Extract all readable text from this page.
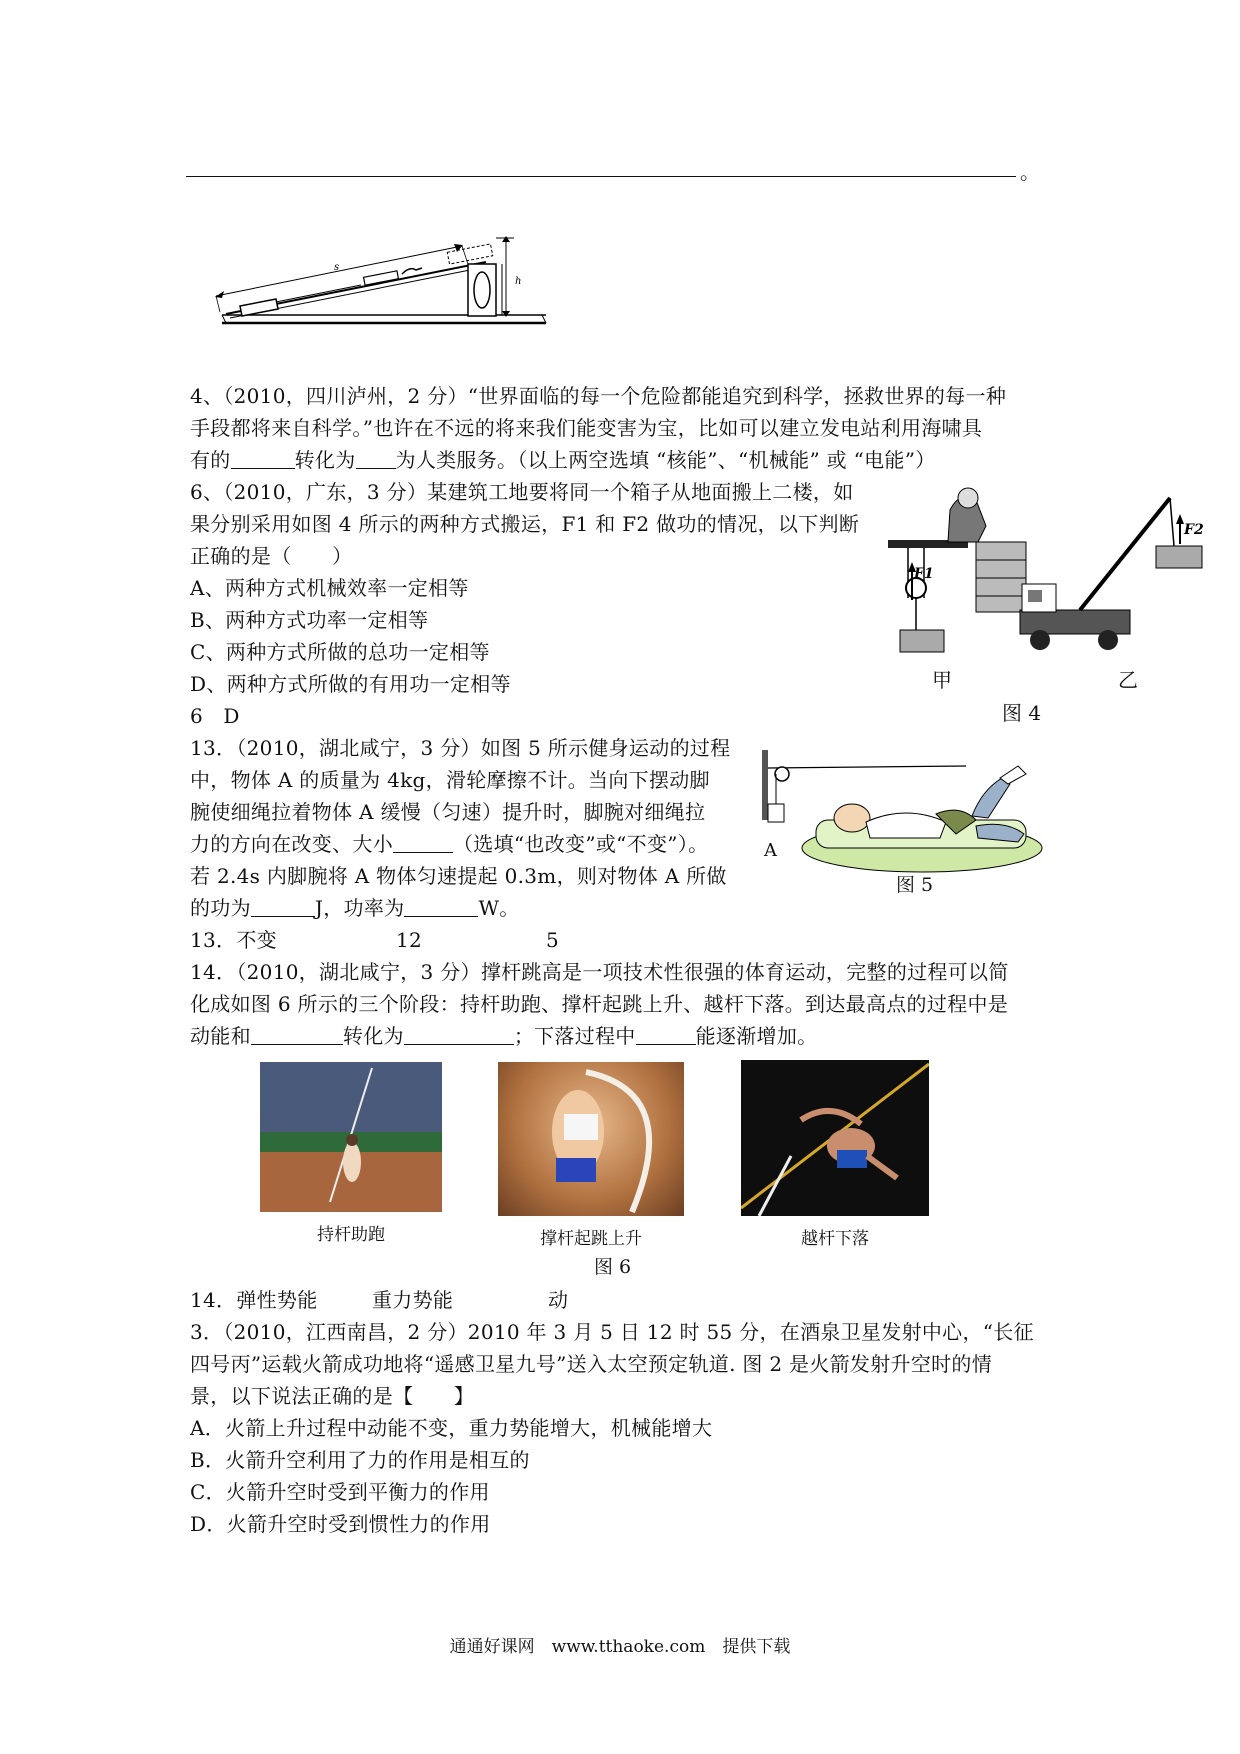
。
s
h
4、（2010，四川泸州，2 分）“世界面临的每一个危险都能追究到科学，拯救世界的每一种
手段都将来自科学。”也许在不远的将来我们能变害为宝，比如可以建立发电站利用海啸具
有的	转化为 为人类服务。（以上两空选填 “核能”、“机械能” 或 “电能”）
6、（2010，广东，3 分）某建筑工地要将同一个箱子从地面搬上二楼，如
果分别采用如图 4 所示的两种方式搬运，F1 和 F2 做功的情况，以下判断
正确的是（　　）
A、两种方式机械效率一定相等
B、两种方式功率一定相等
C、两种方式所做的总功一定相等
D、两种方式所做的有用功一定相等
6　D
F1
F2
甲	乙
图 4
13．（2010，湖北咸宁，3 分）如图 5 所示健身运动的过程
中，物体 A 的质量为 4kg，滑轮摩擦不计。当向下摆动脚
腕使细绳拉着物体 A 缓慢（匀速）提升时，脚腕对细绳拉
力的方向在改变、大小	（选填“也改变”或“不变”）。
若 2.4s 内脚腕将 A 物体匀速提起 0.3m，则对物体 A 所做
的功为	J，功率为	W。
13．不变	12	5
A
图 5
14．（2010，湖北咸宁，3 分）撑杆跳高是一项技术性很强的体育运动，完整的过程可以简
化成如图 6 所示的三个阶段：持杆助跑、撑杆起跳上升、越杆下落。到达最高点的过程中是
动能和	转化为	；下落过程中	能逐渐增加。
持杆助跑	撑杆起跳上升	越杆下落
图 6
14．弹性势能	重力势能	动
3．（2010，江西南昌，2 分）2010 年 3 月 5 日 12 时 55 分，在酒泉卫星发射中心，“长征
四号丙”运载火箭成功地将“遥感卫星九号”送入太空预定轨道. 图 2 是火箭发射升空时的情
景，以下说法正确的是【　　】
A．火箭上升过程中动能不变，重力势能增大，机械能增大
B．火箭升空利用了力的作用是相互的
C．火箭升空时受到平衡力的作用
D．火箭升空时受到惯性力的作用
通通好课网　www.tthaoke.com　提供下载
